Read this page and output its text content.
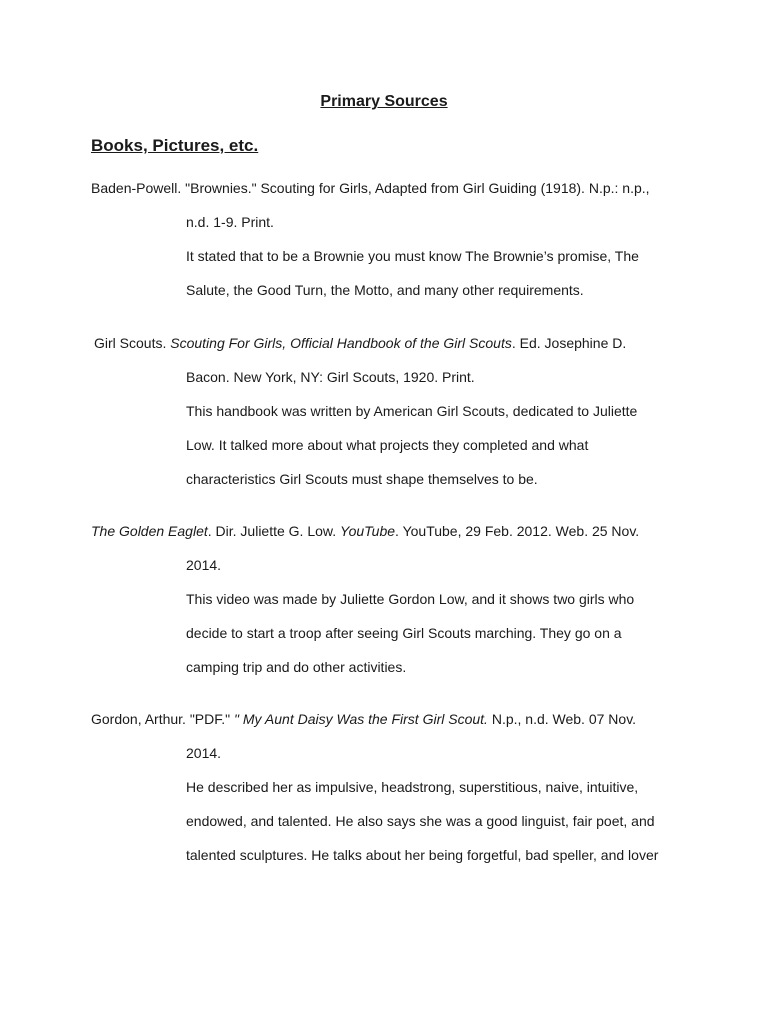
Primary Sources
Books, Pictures, etc.

Baden-Powell. "Brownies." Scouting for Girls, Adapted from Girl Guiding (1918). N.p.: n.p.,

n.d. 1-9. Print.

It stated that to be a Brownie you must know The Brownie’s promise, The

Salute, the Good Turn, the Motto, and many other requirements.

Girl Scouts. Scouting For Girls, Official Handbook of the Girl Scouts. Ed. Josephine D.

Bacon. New York, NY: Girl Scouts, 1920. Print.

This handbook was written by American Girl Scouts, dedicated to Juliette

Low. It talked more about what projects they completed and what

characteristics Girl Scouts must shape themselves to be.

The Golden Eaglet. Dir. Juliette G. Low. YouTube. YouTube, 29 Feb. 2012. Web. 25 Nov.

2014.

This video was made by Juliette Gordon Low, and it shows two girls who

decide to start a troop after seeing Girl Scouts marching. They go on a

camping trip and do other activities.

Gordon, Arthur. "PDF." " My Aunt Daisy Was the First Girl Scout. N.p., n.d. Web. 07 Nov.

2014.

He described her as impulsive, headstrong, superstitious, naive, intuitive,

endowed, and talented. He also says she was a good linguist, fair poet, and

talented sculptures. He talks about her being forgetful, bad speller, and lover
